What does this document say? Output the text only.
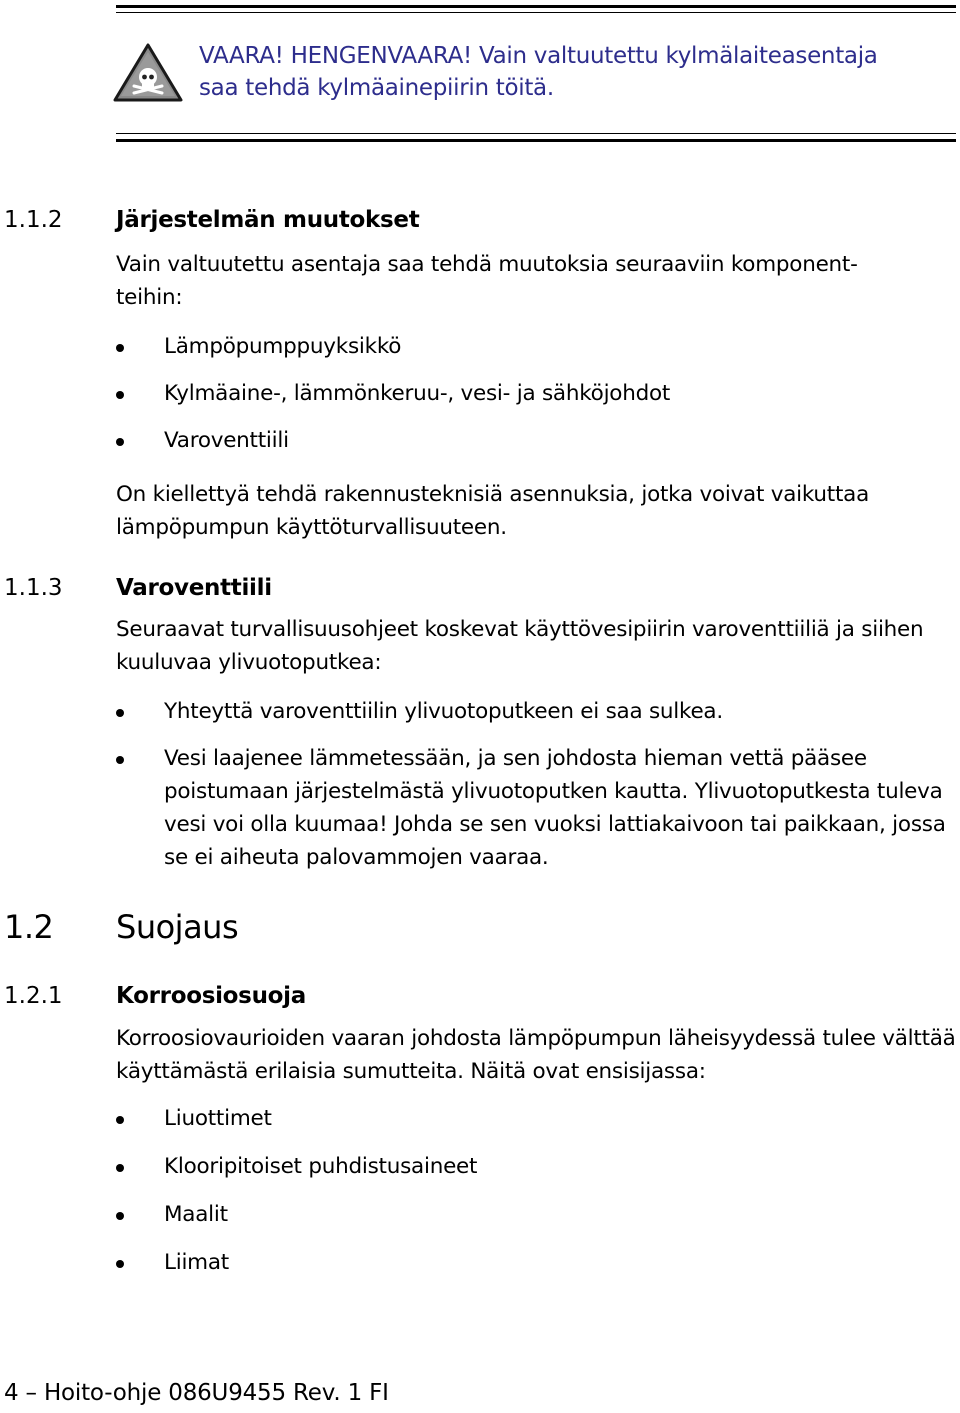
VAARA! HENGENVAARA! Vain valtuutettu kylmälaiteasentaja
saa tehdä kylmäainepiirin töitä.
1.1.2 Järjestelmän muutokset
Vain valtuutettu asentaja saa tehdä muutoksia seuraaviin komponent-
teihin:
Lämpöpumppuyksikkö
Kylmäaine-, lämmönkeruu-, vesi- ja sähköjohdot
Varoventtiili
On kiellettyä tehdä rakennusteknisiä asennuksia, jotka voivat vaikuttaa lämpöpumpun käyttöturvallisuuteen.
1.1.3 Varoventtiili
Seuraavat turvallisuusohjeet koskevat käyttövesipiirin varoventtiiliä ja siihen kuuluvaa ylivuotoputkea:
Yhteyttä varoventtiilin ylivuotoputkeen ei saa sulkea.
Vesi laajenee lämmetessään, ja sen johdosta hieman vettä pääsee poistumaan järjestelmästä ylivuotoputken kautta. Ylivuotoputkesta tuleva vesi voi olla kuumaa! Johda se sen vuoksi lattiakaivoon tai paikkaan, jossa se ei aiheuta palovammojen vaaraa.
1.2 Suojaus
1.2.1 Korroosiosuoja
Korroosiovaurioiden vaaran johdosta lämpöpumpun läheisyydessä tulee välttää käyttämästä erilaisia sumutteita. Näitä ovat ensisijassa:
Liuottimet
Klooripitoiset puhdistusaineet
Maalit
Liimat
4 – Hoito-ohje 086U9455 Rev. 1 FI
